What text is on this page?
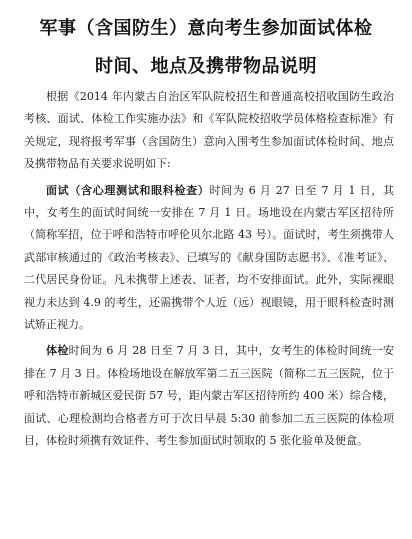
军事（含国防生）意向考生参加面试体检
时间、地点及携带物品说明

根据《2014 年内蒙古自治区军队院校招生和普通高校招收国防生政治考核、面试、体检工作实施办法》和《军队院校招收学员体格检查标准》有关规定，现将报考军事（含国防生）意向入围考生参加面试体检时间、地点及携带物品有关要求说明如下:

面试（含心理测试和眼科检查）时间为 6 月 27 日至 7 月 1 日，其中，女考生的面试时间统一安排在 7 月 1 日。场地设在内蒙古军区招待所（简称军招，位于呼和浩特市呼伦贝尔北路 43 号）。面试时，考生须携带人武部审核通过的《政治考核表》、已填写的《献身国防志愿书》、《准考证》、二代居民身份证。凡未携带上述表、证者，均不安排面试。此外，实际裸眼视力未达到 4.9 的考生，还需携带个人近（远）视眼镜，用于眼科检查时测试矫正视力。

体检时间为 6 月 28 日至 7 月 3 日，其中，女考生的体检时间统一安排在 7 月 3 日。体检场地设在解放军第二五三医院（简称二五三医院，位于呼和浩特市新城区爱民街 57 号，距内蒙古军区招待所约 400 米）综合楼，面试、心理检测均合格者方可于次日早晨 5:30 前参加二五三医院的体检项目，体检时须携有效证件、考生参加面试时领取的 5 张化验单及便盒。
